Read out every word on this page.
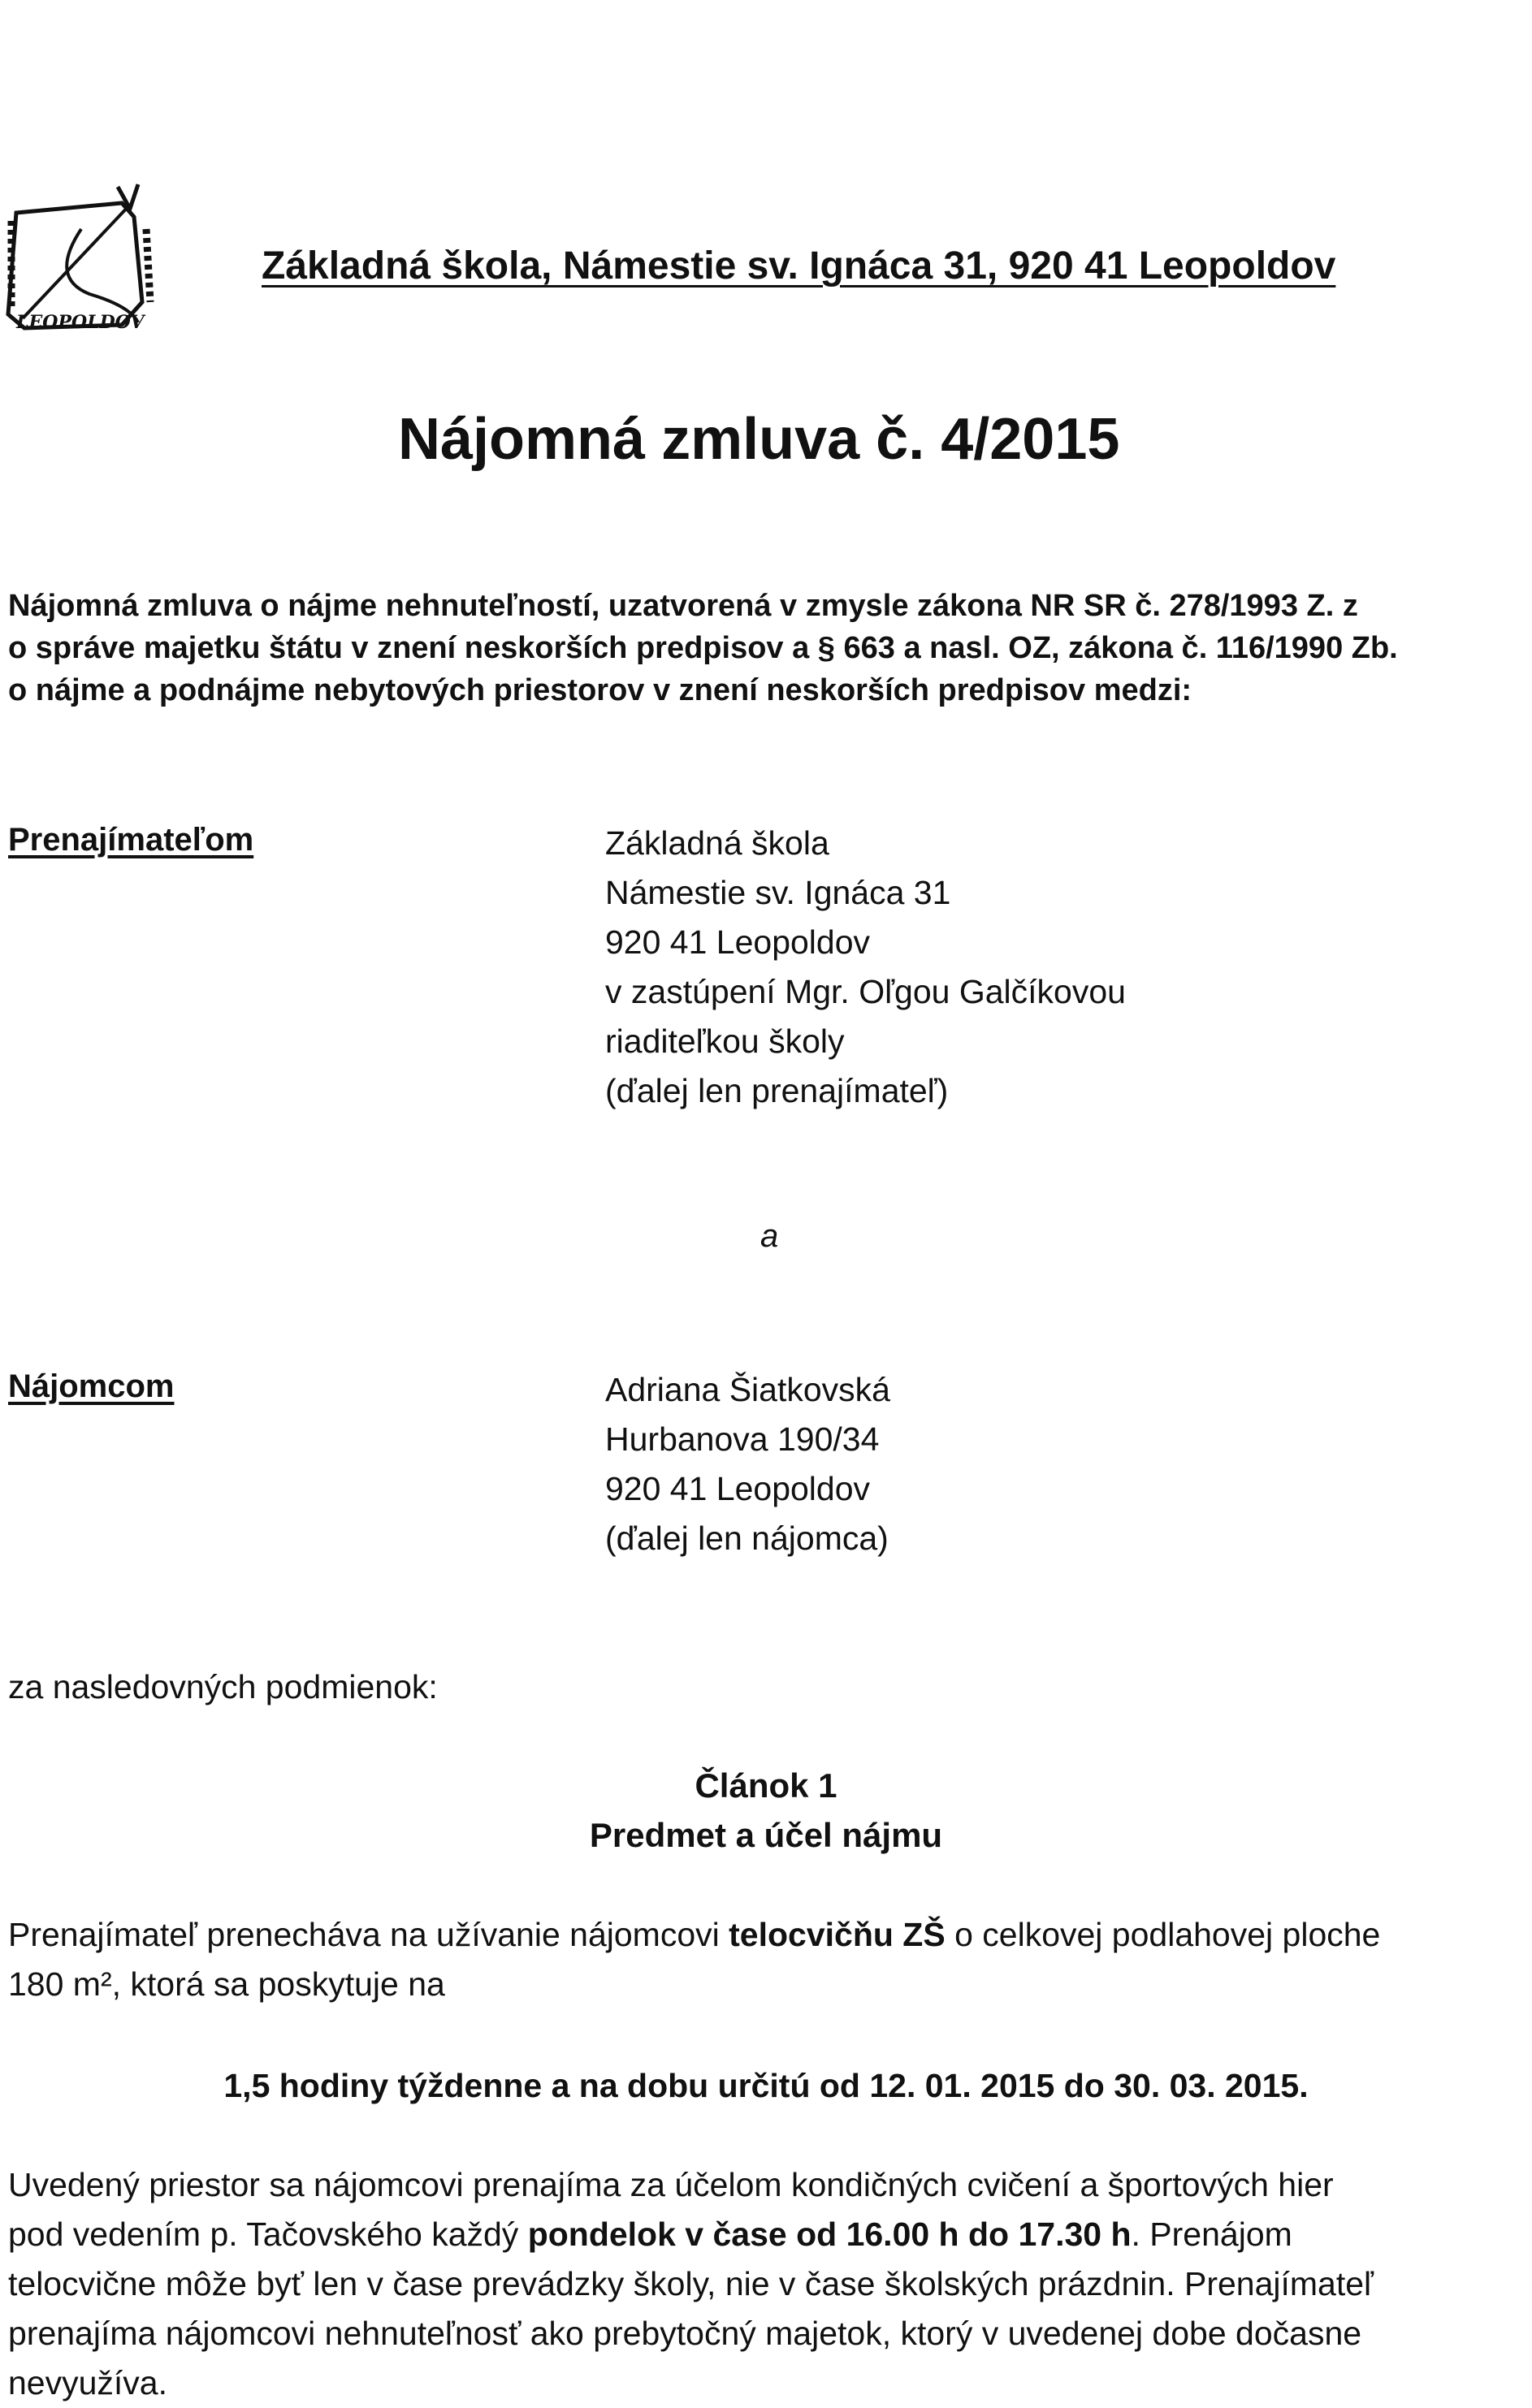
LEOPOLDOV
Základná škola, Námestie sv. Ignáca 31, 920 41 Leopoldov
Nájomná zmluva č. 4/2015
Nájomná zmluva o nájme nehnuteľností, uzatvorená v zmysle zákona NR SR č. 278/1993 Z. z
o správe majetku štátu v znení neskorších predpisov a § 663 a nasl. OZ, zákona č. 116/1990 Zb.
o nájme a podnájme nebytových priestorov v znení neskorších predpisov medzi:
Prenajímateľom	Základná škola
Námestie sv. Ignáca 31
920 41 Leopoldov
v zastúpení Mgr. Oľgou Galčíkovou
riaditeľkou školy
(ďalej len prenajímateľ)
a
Nájomcom	Adriana Šiatkovská
Hurbanova 190/34
920 41 Leopoldov
(ďalej len nájomca)
za nasledovných podmienok:
Článok 1
Predmet a účel nájmu
Prenajímateľ prenecháva na užívanie nájomcovi telocvičňu ZŠ o celkovej podlahovej ploche
180 m², ktorá sa poskytuje na
1,5 hodiny týždenne a na dobu určitú od 12. 01. 2015 do 30. 03. 2015.
Uvedený priestor sa nájomcovi prenajíma za účelom kondičných cvičení a športových hier
pod vedením p. Tačovského každý pondelok v čase od 16.00 h do 17.30 h. Prenájom
telocvične môže byť len v čase prevádzky školy, nie v čase školských prázdnin. Prenajímateľ
prenajíma nájomcovi nehnuteľnosť ako prebytočný majetok, ktorý v uvedenej dobe dočasne
nevyužíva.
